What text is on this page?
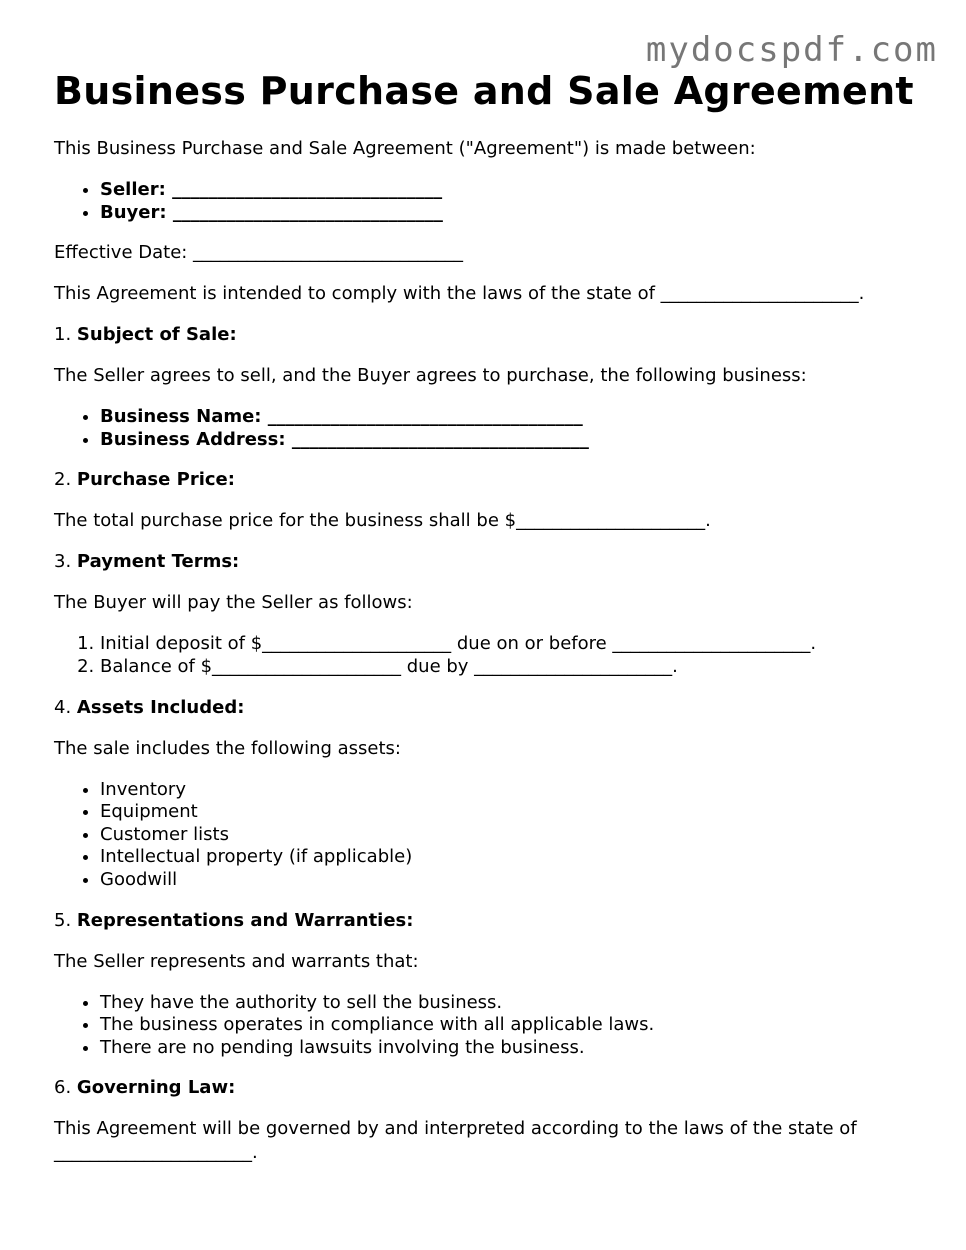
mydocspdf.com
Business Purchase and Sale Agreement

This Business Purchase and Sale Agreement ("Agreement") is made between:

• Seller: ______________________________
• Buyer: ______________________________

Effective Date: ______________________________

This Agreement is intended to comply with the laws of the state of ______________________.

1. Subject of Sale:

The Seller agrees to sell, and the Buyer agrees to purchase, the following business:

• Business Name: ___________________________________
• Business Address: _________________________________

2. Purchase Price:

The total purchase price for the business shall be $_____________________.

3. Payment Terms:

The Buyer will pay the Seller as follows:

1. Initial deposit of $_____________________ due on or before ______________________.
2. Balance of $_____________________ due by ______________________.

4. Assets Included:

The sale includes the following assets:

• Inventory
• Equipment
• Customer lists
• Intellectual property (if applicable)
• Goodwill

5. Representations and Warranties:

The Seller represents and warrants that:

• They have the authority to sell the business.
• The business operates in compliance with all applicable laws.
• There are no pending lawsuits involving the business.

6. Governing Law:

This Agreement will be governed by and interpreted according to the laws of the state of ______________________.
